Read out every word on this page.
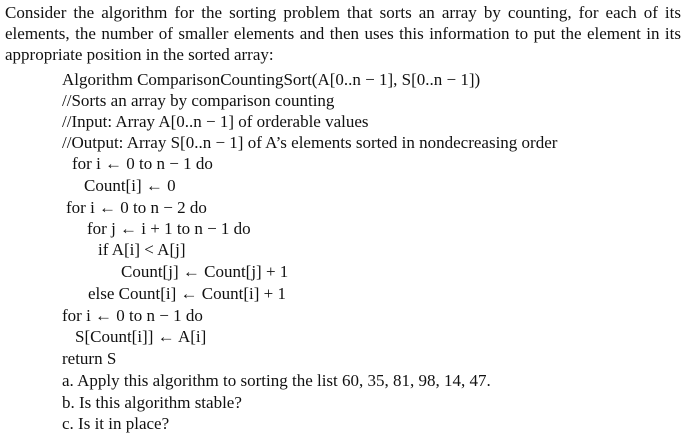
Consider the algorithm for the sorting problem that sorts an array by counting, for each of its elements, the number of smaller elements and then uses this information to put the element in its appropriate position in the sorted array:
Algorithm ComparisonCountingSort(A[0..n − 1], S[0..n − 1])
//Sorts an array by comparison counting
//Input: Array A[0..n − 1] of orderable values
//Output: Array S[0..n − 1] of A’s elements sorted in nondecreasing order
for i ← 0 to n − 1 do
Count[i] ← 0
for i ← 0 to n − 2 do
for j ← i + 1 to n − 1 do
if A[i] < A[j]
Count[j] ← Count[j] + 1
else Count[i] ← Count[i] + 1
for i ← 0 to n − 1 do
S[Count[i]] ← A[i]
return S
a. Apply this algorithm to sorting the list 60, 35, 81, 98, 14, 47.
b. Is this algorithm stable?
c. Is it in place?
